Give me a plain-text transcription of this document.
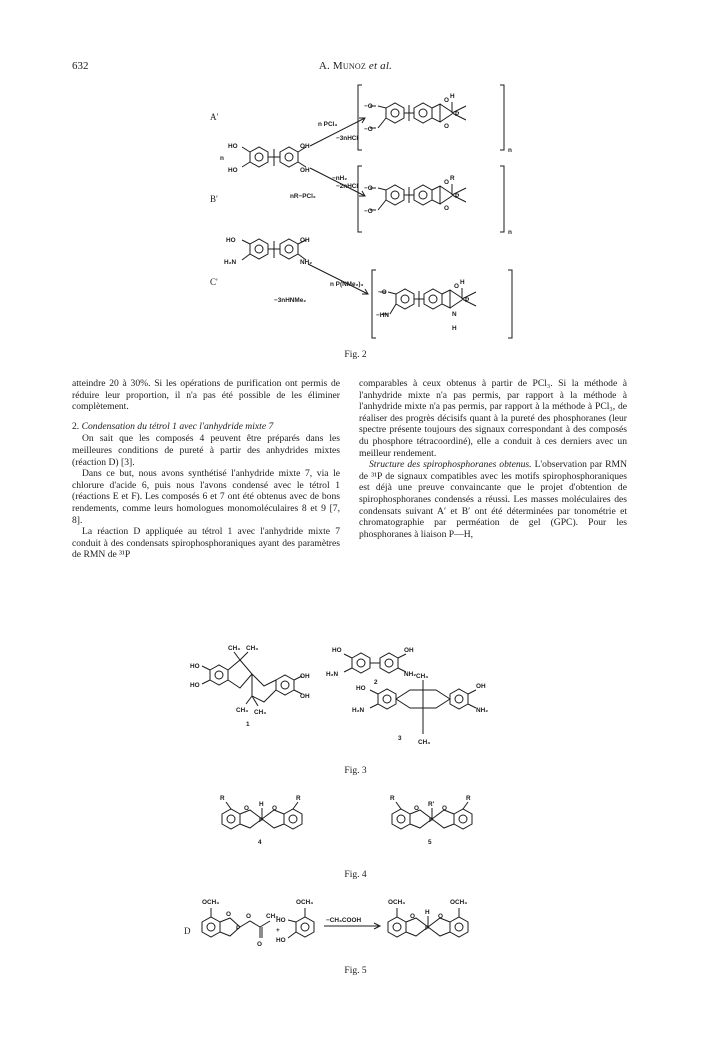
632	A. Munoz et al.
A′
B′
C′
HO
n
HO
OH
OH
n PCl₃
−3nHCl
−nH₂
−2nHCl
nR−PCl₂
−O
−O
O
O
H
P
n
−O
−O
O
O
R
P
n
HO
H₂N
OH
NH₂
n P(NMe₂)₃
−3nHNMe₂
−O
−HN
O
H
P
N
H
Fig. 2

atteindre 20 à 30%. Si les opérations de purification ont permis de réduire leur proportion, il n'a pas été possible de les éliminer complètement.

2. Condensation du tétrol 1 avec l'anhydride mixte 7

On sait que les composés 4 peuvent être préparés dans les meilleures conditions de pureté à partir des anhydrides mixtes (réaction D) [3].

Dans ce but, nous avons synthétisé l'anhydride mixte 7, via le chlorure d'acide 6, puis nous l'avons condensé avec le tétrol 1 (réactions E et F). Les composés 6 et 7 ont été obtenus avec de bons rendements, comme leurs homologues monomoléculaires 8 et 9 [7, 8].

La réaction D appliquée au tétrol 1 avec l'anhydride mixte 7 conduit à des condensats spirophosphoraniques ayant des paramètres de RMN de ³¹P

comparables à ceux obtenus à partir de PCl₃. Si la méthode à l'anhydride mixte n'a pas permis, par rapport à la méthode à l'anhydride mixte n'a pas permis, par rapport à la méthode à PCl₃, de réaliser des progrès décisifs quant à la pureté des phosphoranes (leur spectre présente toujours des signaux correspondant à des composés du phosphore tétracoordiné), elle a conduit à ces derniers avec un meilleur rendement.

Structure des spirophosphoranes obtenus. L'observation par RMN de ³¹P de signaux compatibles avec les motifs spirophosphoraniques est déjà une preuve convaincante que le projet d'obtention de spirophosphoranes condensés a réussi. Les masses moléculaires des condensats suivant A′ et B′ ont été déterminées par tonométrie et chromatographie par perméation de gel (GPC). Pour les phosphoranes à liaison P—H,

CH₃ CH₃
HO
HO
OH
OH
CH₃ CH₃
1
HO
H₂N
OH
NH₂
2
HO
H₂N
CH₃
OH
NH₂
3
CH₃
Fig. 3
R	R
H
O	O
P
4
R	R
R′
O	O
P
5
Fig. 4
D
OCH₃
O
P
O CH₃
O
+
OCH₃
HO
HO
−CH₃COOH
OCH₃	OCH₃
H
O	O
P
Fig. 5
